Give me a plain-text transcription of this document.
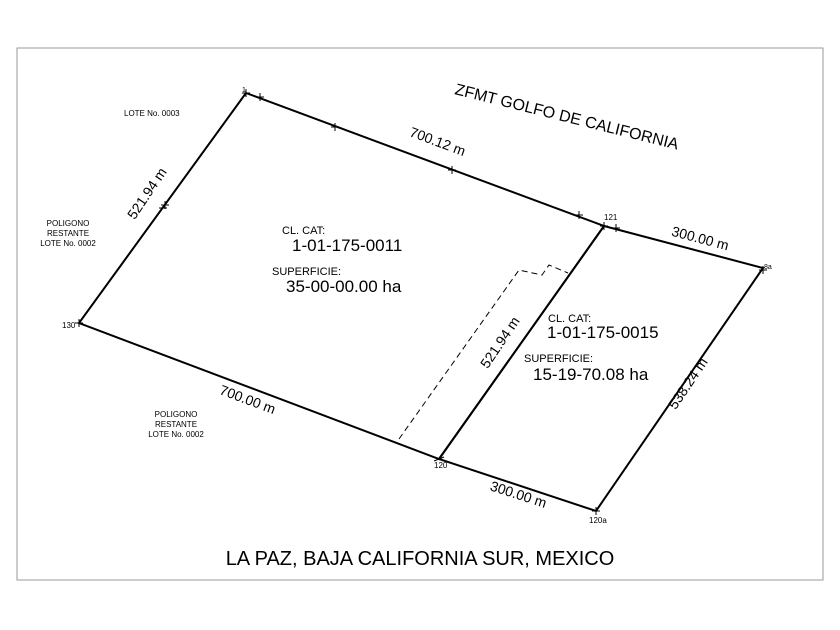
1
121
8a
130
120
120a
ZFMT GOLFO DE CALIFORNIA
LOTE No. 0003
POLIGONO
RESTANTE
LOTE No. 0002
POLIGONO
RESTANTE
LOTE No. 0002
CL. CAT:
1-01-175-0011
SUPERFICIE:
35-00-00.00 ha
CL. CAT:
1-01-175-0015
SUPERFICIE:
15-19-70.08 ha
700.12 m
521.94 m
700.00 m
300.00 m
538.24 m
300.00 m
521.94 m
LA PAZ, BAJA CALIFORNIA SUR, MEXICO
